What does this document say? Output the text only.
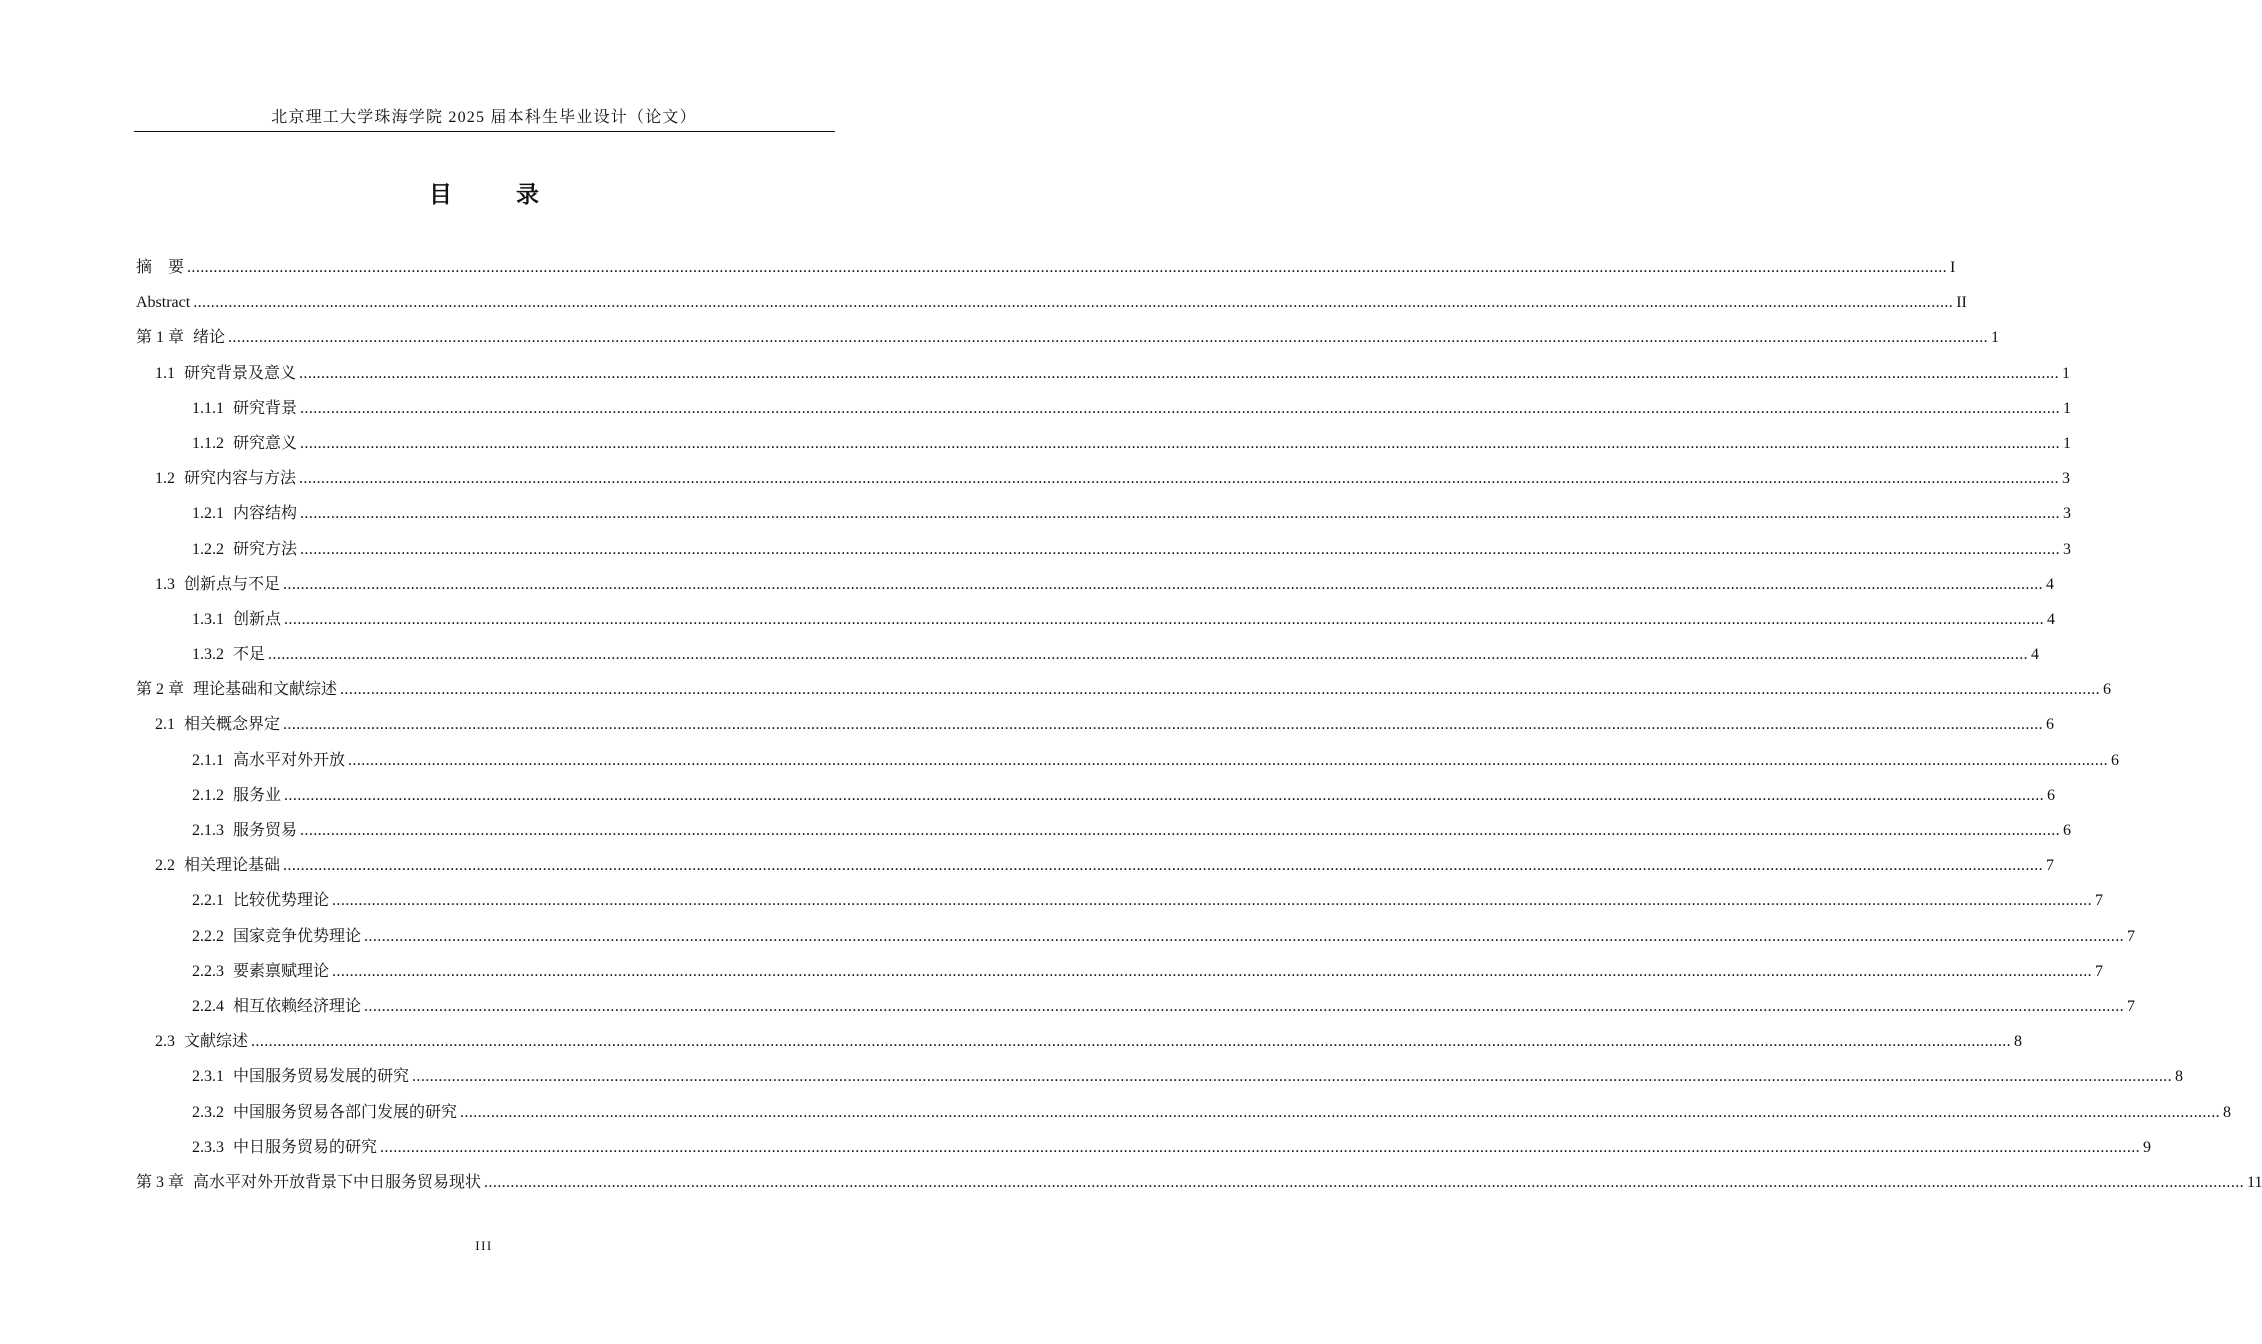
北京理工大学珠海学院 2025 届本科生毕业设计（论文）
目 录
摘　要 ................................................................................................................................................................................................................................................................................................................................................................................................................ I
Abstract ................................................................................................................................................................................................................................................................................................................................................................................................................ II
第 1 章 绪论 ................................................................................................................................................................................................................................................................................................................................................................................................................ 1
1.1 研究背景及意义 ................................................................................................................................................................................................................................................................................................................................................................................................................ 1
1.1.1 研究背景 ................................................................................................................................................................................................................................................................................................................................................................................................................ 1
1.1.2 研究意义 ................................................................................................................................................................................................................................................................................................................................................................................................................ 1
1.2 研究内容与方法 ................................................................................................................................................................................................................................................................................................................................................................................................................ 3
1.2.1 内容结构 ................................................................................................................................................................................................................................................................................................................................................................................................................ 3
1.2.2 研究方法 ................................................................................................................................................................................................................................................................................................................................................................................................................ 3
1.3 创新点与不足 ................................................................................................................................................................................................................................................................................................................................................................................................................ 4
1.3.1 创新点 ................................................................................................................................................................................................................................................................................................................................................................................................................ 4
1.3.2 不足 ................................................................................................................................................................................................................................................................................................................................................................................................................ 4
第 2 章 理论基础和文献综述 ................................................................................................................................................................................................................................................................................................................................................................................................................ 6
2.1 相关概念界定 ................................................................................................................................................................................................................................................................................................................................................................................................................ 6
2.1.1 高水平对外开放 ................................................................................................................................................................................................................................................................................................................................................................................................................ 6
2.1.2 服务业 ................................................................................................................................................................................................................................................................................................................................................................................................................ 6
2.1.3 服务贸易 ................................................................................................................................................................................................................................................................................................................................................................................................................ 6
2.2 相关理论基础 ................................................................................................................................................................................................................................................................................................................................................................................................................ 7
2.2.1 比较优势理论 ................................................................................................................................................................................................................................................................................................................................................................................................................ 7
2.2.2 国家竞争优势理论 ................................................................................................................................................................................................................................................................................................................................................................................................................ 7
2.2.3 要素禀赋理论 ................................................................................................................................................................................................................................................................................................................................................................................................................ 7
2.2.4 相互依赖经济理论 ................................................................................................................................................................................................................................................................................................................................................................................................................ 7
2.3 文献综述 ................................................................................................................................................................................................................................................................................................................................................................................................................ 8
2.3.1 中国服务贸易发展的研究 ................................................................................................................................................................................................................................................................................................................................................................................................................ 8
2.3.2 中国服务贸易各部门发展的研究 ................................................................................................................................................................................................................................................................................................................................................................................................................ 8
2.3.3 中日服务贸易的研究 ................................................................................................................................................................................................................................................................................................................................................................................................................ 9
第 3 章 高水平对外开放背景下中日服务贸易现状 ................................................................................................................................................................................................................................................................................................................................................................................................................ 11
III
